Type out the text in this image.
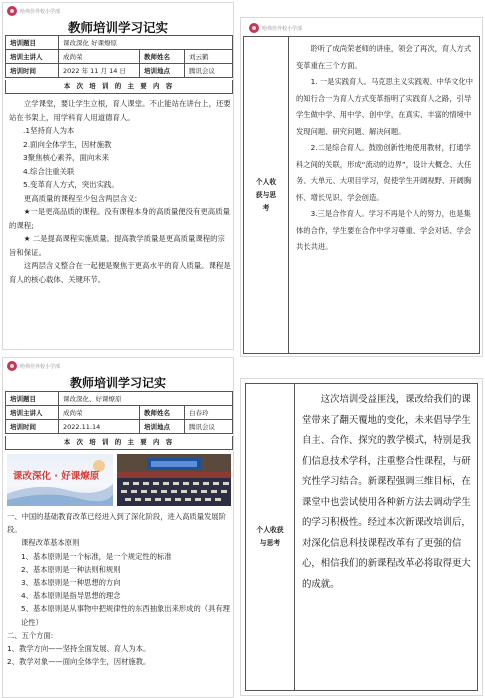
哈弗佳外校小学部
教师培训学习记实
培训题目	课改深化 好课燎原		
培训主讲人	成尚荣	教师姓名	刘云鹤
培训时间	2022 年 11 月 14 日	培训地点	腾讯会议
本 次 培 训 的 主 要 内 容

立学课堂，要让学生立根，育人课堂。不止能站在讲台上，还要站在书架上，用学科育人用道德育人。

.1坚持育人为本

2.面向全体学生，因材施教

3聚焦核心素养，面向未来

4.综合注重关联

5.变革育人方式，突出实践。

更高质量的课程至少包含两层含义:

★一是更高品质的课程。没有课程本身的高质量便没有更高质量的课程;

★ 二是提高课程实施质量。提高教学质量是更高质量课程的宗旨和保证。

这两层含义整合在一起便是聚焦于更高水平的育人质量。课程是育人的核心载体、关键环节。

哈弗佳外校小学部
个人收获与思考

聆听了成尚荣老师的讲座，领会了再次，育人方式变革重在三个方面。

1. 一是实践育人。马克思主义实践观、中华文化中的知行合一为育人方式变革指明了实践育人之路，引导学生做中学、用中学、创中学，在真实、丰富的情境中发现问题、研究问题、解决问题。

2.二是综合育人。鼓励创新性地使用教材，打通学科之间的关联，形成“流动的边界”，设计大概念、大任务、大单元、大项目学习，促使学生开阔视野、开阔胸怀、增长见识、学会创造。

3.三是合作育人。学习不再是个人的努力，也是集体的合作，学生要在合作中学习尊重、学会对话、学会共长共进。

哈弗佳外校小学部
教师培训学习记实
培训题目	课改深化、好课燎原		
培训主讲人	成尚荣	教师姓名	白春玲
培训时间	2022.11.14	培训地点	腾讯会议
本 次 培 训 的 主 要 内 容
课改深化 · 好课燎原

一、中国的基础教育改革已经进入到了深化阶段，进入高质量发展阶段。

课程改革基本原则

1、基本原则是一个标准，是一个规定性的标准

2、基本原则是一种法则和规则

3、基本原则是一种思想的方向

4、基本原则是指导思想的理念

5、基本原则是从事物中把规律性的东西抽象出来形成的（具有理论性）

二、五个方面:

1、教学方向——坚持全面发展、育人为本。

2、教学对象——面向全体学生，因材施教。

个人收获与思考

这次培训受益匪浅，课改给我们的课堂带来了翻天覆地的变化，未来倡导学生自主、合作、探究的教学模式，特别是我们信息技术学科，注重整合性课程，与研究性学习结合。新课程强调三维目标，在课堂中也尝试使用各种新方法去调动学生的学习积极性。经过本次新课改培训后，对深化信息科技课程改革有了更强的信心，相信我们的新课程改革必将取得更大的成就。
